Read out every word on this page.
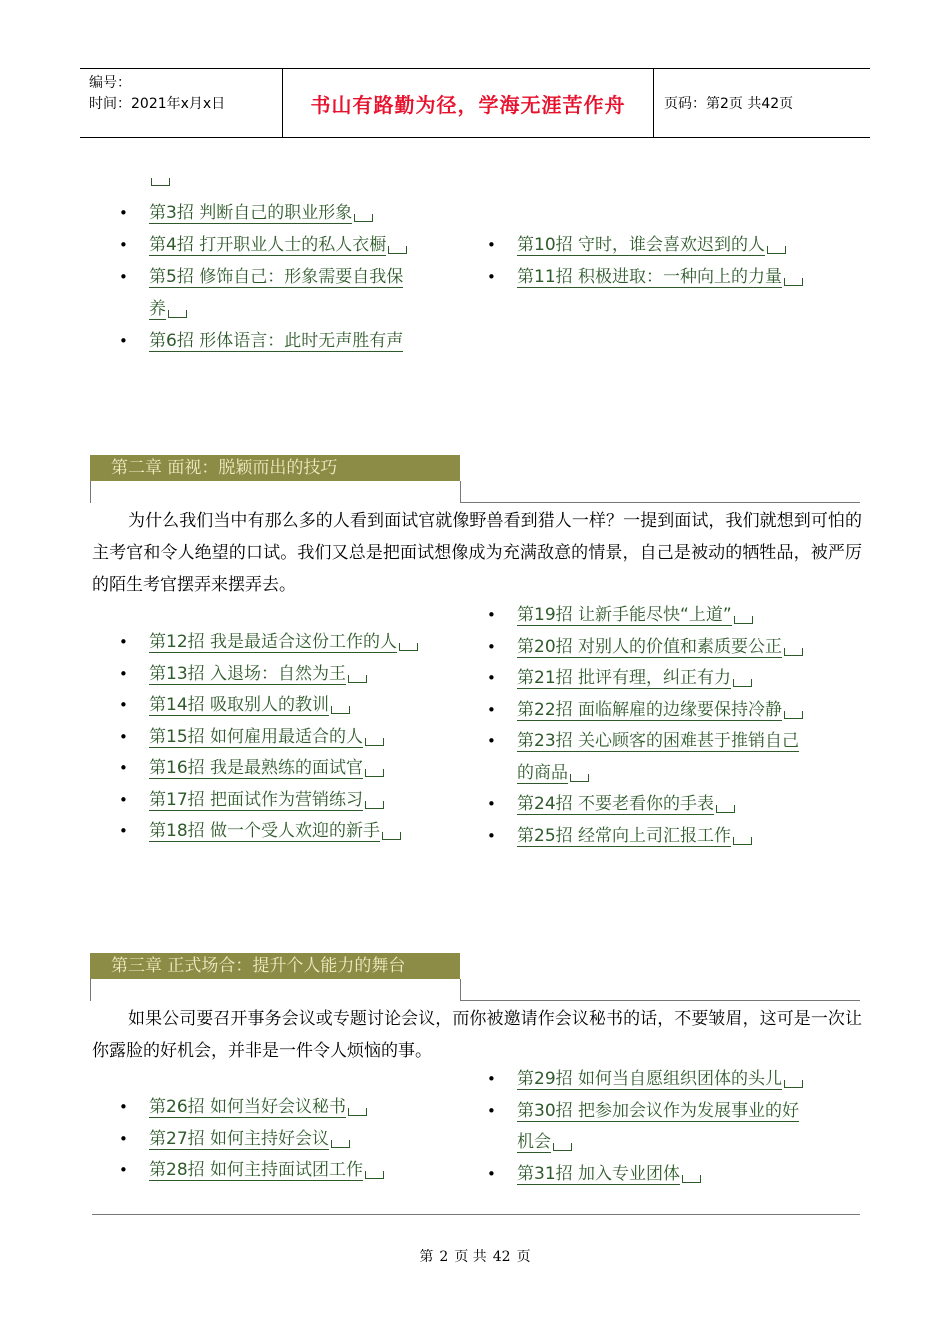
编号：
时间：2021年x月x日	书山有路勤为径，学海无涯苦作舟	页码：第2页 共42页
• 第3招 判断自己的职业形象
• 第4招 打开职业人士的私人衣橱
• 第5招 修饰自己：形象需要自我保
养
• 第6招 形体语言：此时无声胜有声
• 第10招 守时，谁会喜欢迟到的人
• 第11招 积极进取：一种向上的力量
• 第12招 我是最适合这份工作的人
• 第13招 入退场：自然为王
• 第14招 吸取别人的教训
• 第15招 如何雇用最适合的人
• 第16招 我是最熟练的面试官
• 第17招 把面试作为营销练习
• 第18招 做一个受人欢迎的新手
• 第19招 让新手能尽快“上道”
• 第20招 对别人的价值和素质要公正
• 第21招 批评有理，纠正有力
• 第22招 面临解雇的边缘要保持冷静
• 第23招 关心顾客的困难甚于推销自己
的商品
• 第24招 不要老看你的手表
• 第25招 经常向上司汇报工作
• 第26招 如何当好会议秘书
• 第27招 如何主持好会议
• 第28招 如何主持面试团工作
• 第29招 如何当自愿组织团体的头儿
• 第30招 把参加会议作为发展事业的好
机会
• 第31招 加入专业团体
第二章 面视：脱颖而出的技巧
为什么我们当中有那么多的人看到面试官就像野兽看到猎人一样？一提到面试，我们就想到可怕的主考官和令人绝望的口试。我们又总是把面试想像成为充满敌意的情景，自己是被动的牺牲品，被严厉的陌生考官摆弄来摆弄去。
第三章 正式场合：提升个人能力的舞台
如果公司要召开事务会议或专题讨论会议，而你被邀请作会议秘书的话，不要皱眉，这可是一次让你露脸的好机会，并非是一件令人烦恼的事。
第 2 页 共 42 页
